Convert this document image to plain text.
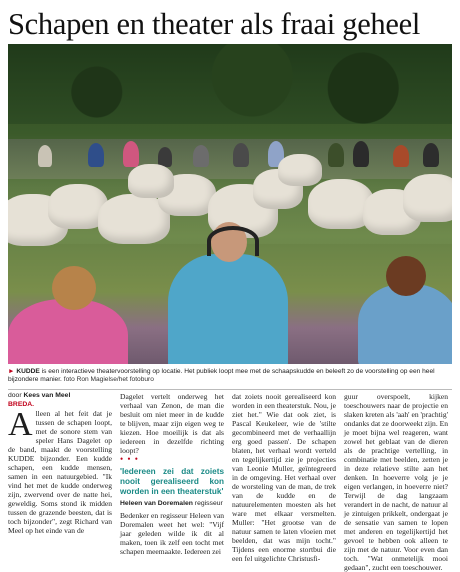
Schapen en theater als fraai geheel
► KUDDE is een interactieve theatervoorstelling op locatie. Het publiek loopt mee met de schaapskudde en beleeft zo de voorstelling op een heel bijzondere manier. foto Ron Magielse/het fotoburo
door Kees van Meel
BREDA.

Alleen al het feit dat je tussen de schapen loopt, met de sonore stem van speler Hans Dagelet op de band, maakt de voorstelling KUDDE bijzonder. Een kudde schapen, een kudde mensen, samen in een natuurgebied. "Ik vind het met de kudde onderweg zijn, zwervend over de natte hei, geweldig. Soms stond ik midden tussen de grazende beesten, dat is toch bijzonder", zegt Richard van Meel op het einde van de

Dagelet vertelt onderweg het verhaal van Zenon, de man die besluit om niet meer in de kudde te blijven, maar zijn eigen weg te kiezen. Hoe moeilijk is dat als iedereen in dezelfde richting loopt?

• • •
'Iedereen zei dat zoiets nooit gerealiseerd kon worden in een theaterstuk'
Heleen van Doremalen regisseur

Bedenker en regisseur Heleen van Doremalen weet het wel: "Vijf jaar geleden wilde ik dit al maken, toen ik zelf een tocht met schapen meemaakte. Iedereen zei

dat zoiets nooit gerealiseerd kon worden in een theaterstuk. Nou, je ziet het." Wie dat ook ziet, is Pascal Keukeleer, wie de 'stilte gecombineerd met de verhaallijn erg goed passen'. De schapen blaten, het verhaal wordt verteld en tegelijkertijd zie je projecties van Leonie Muller, geïntegreerd in de omgeving. Het verhaal over de worsteling van de man, de trek van de kudde en de natuurelementen moesten als het ware met elkaar versmelten. Muller: "Het grootse van de natuur samen te laten vloeien met beelden, dat was mijn tocht." Tijdens een enorme stortbui die een fel uitgelichte Christusfi-

guur overspoelt, kijken toeschouwers naar de projectie en slaken kreten als 'aah' en 'prachtig' ondanks dat ze doorweekt zijn. En je moet bijna wel reageren, want zowel het geblaat van de dieren als de prachtige vertelling, in combinatie met beelden, zetten je in deze relatieve stilte aan het denken. In hoeverre volg je je eigen verlangen, in hoeverre niet? Terwijl de dag langzaam verandert in de nacht, de natuur al je zintuigen prikkelt, ondergaat je de sensatie van samen te lopen met anderen en tegelijkertijd het gevoel te hebben ook alleen te zijn met de natuur. Voor even dan toch. "Wat onmetelijk mooi gedaan", zucht een toeschouwer.
